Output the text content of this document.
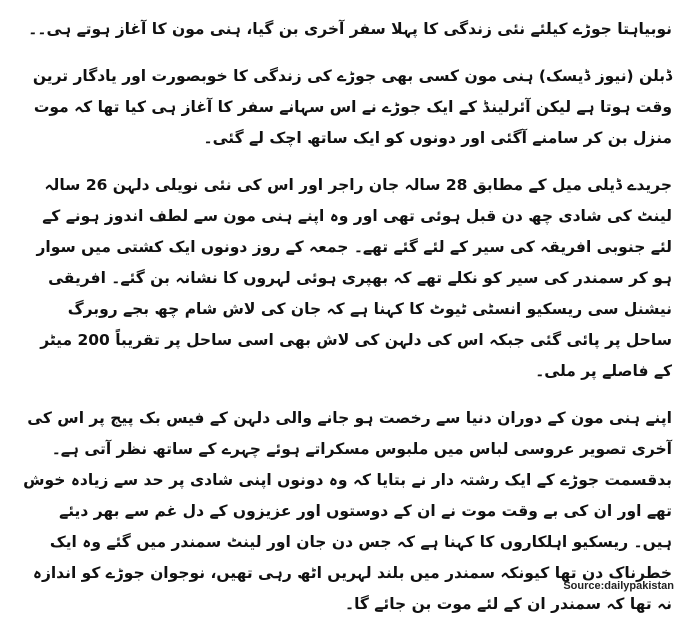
نوبیاہتا جوڑے کیلئے نئی زندگی کا پہلا سفر آخری بن گیا، ہنی مون کا آغاز ہوتے ہی۔۔

ڈبلن (نیوز ڈیسک) ہنی مون کسی بھی جوڑے کی زندگی کا خوبصورت اور یادگار ترین وقت ہوتا ہے لیکن آئرلینڈ کے ایک جوڑے نے اس سہانے سفر کا آغاز ہی کیا تھا کہ موت منزل بن کر سامنے آگئی اور دونوں کو ایک ساتھ اچک لے گئی۔

جریدے ڈیلی میل کے مطابق 28 سالہ جان راجر اور اس کی نئی نویلی دلہن 26 سالہ لینٹ کی شادی چھ دن قبل ہوئی تھی اور وہ اپنے ہنی مون سے لطف اندوز ہونے کے لئے جنوبی افریقہ کی سیر کے لئے گئے تھے۔ جمعہ کے روز دونوں ایک کشتی میں سوار ہو کر سمندر کی سیر کو نکلے تھے کہ بھپری ہوئی لہروں کا نشانہ بن گئے۔ افریقی نیشنل سی ریسکیو انسٹی ٹیوٹ کا کہنا ہے کہ جان کی لاش شام چھ بجے روبرگ ساحل پر پائی گئی جبکہ اس کی دلہن کی لاش بھی اسی ساحل پر تقریباً 200 میٹر کے فاصلے پر ملی۔

اپنے ہنی مون کے دوران دنیا سے رخصت ہو جانے والی دلہن کے فیس بک پیج پر اس کی آخری تصویر عروسی لباس میں ملبوس مسکراتے ہوئے چہرے کے ساتھ نظر آتی ہے۔ بدقسمت جوڑے کے ایک رشتہ دار نے بتایا کہ وہ دونوں اپنی شادی پر حد سے زیادہ خوش تھے اور ان کی بے وقت موت نے ان کے دوستوں اور عزیزوں کے دل غم سے بھر دیئے ہیں۔ ریسکیو اہلکاروں کا کہنا ہے کہ جس دن جان اور لینٹ سمندر میں گئے وہ ایک خطرناک دن تھا کیونکہ سمندر میں بلند لہریں اٹھ رہی تھیں، نوجوان جوڑے کو اندازہ نہ تھا کہ سمندر ان کے لئے موت بن جائے گا۔

Source:dailypakistan
